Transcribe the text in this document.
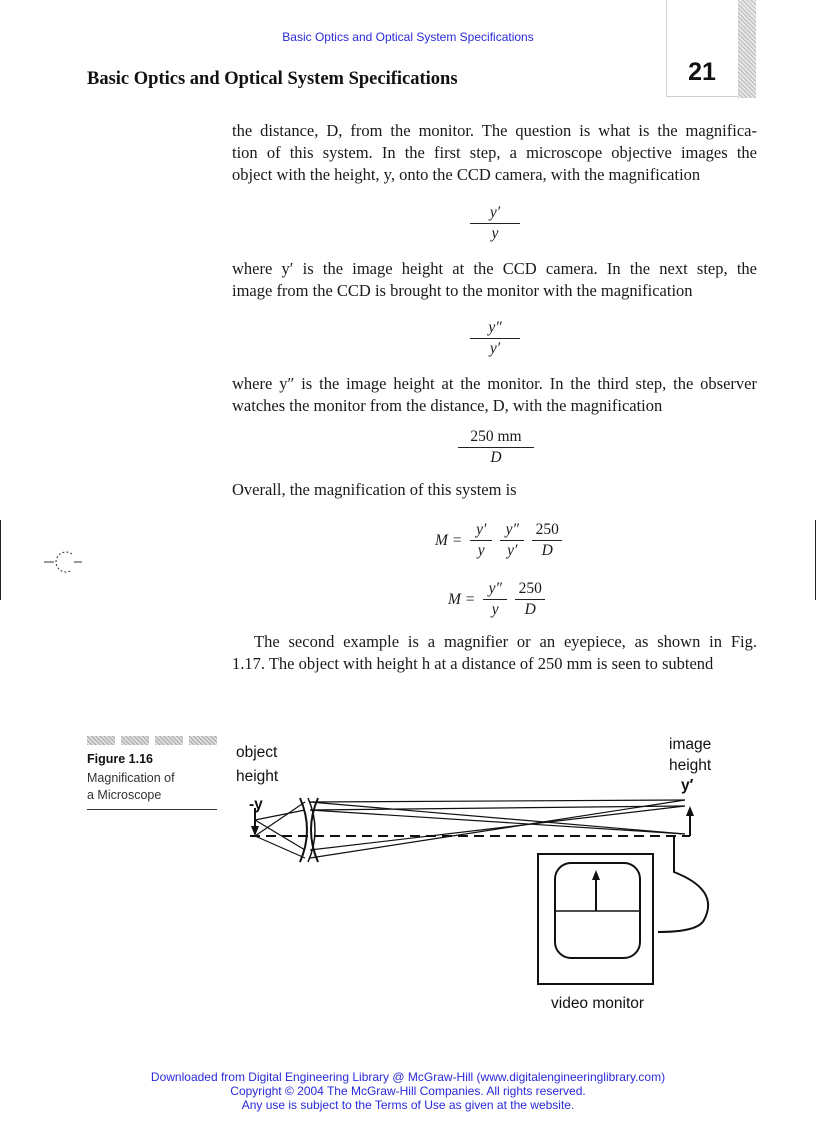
Basic Optics and Optical System Specifications
Basic Optics and Optical System Specifications	21
the distance, D, from the monitor. The question is what is the magnifica-
tion of this system. In the first step, a microscope objective images the
object with the height, y, onto the CCD camera, with the magnification
$\frac{y'}{y}$
where y′ is the image height at the CCD camera. In the next step, the
image from the CCD is brought to the monitor with the magnification
$\frac{y''}{y'}$
where y″ is the image height at the monitor. In the third step, the observer
watches the monitor from the distance, D, with the magnification
$\frac{250 mm}{D}$
Overall, the magnification of this system is
$M = \frac{y'}{y} \frac{y''}{y'} \frac{250}{D}$
$M = \frac{y''}{y} \frac{250}{D}$
The second example is a magnifier or an eyepiece, as shown in Fig.
1.17. The object with height h at a distance of 250 mm is seen to subtend
Figure 1.16
Magnification of
a Microscope
object
height
-y
image
height
y′
video monitor
Downloaded from Digital Engineering Library @ McGraw-Hill (www.digitalengineeringlibrary.com)
Copyright © 2004 The McGraw-Hill Companies. All rights reserved.
Any use is subject to the Terms of Use as given at the website.
